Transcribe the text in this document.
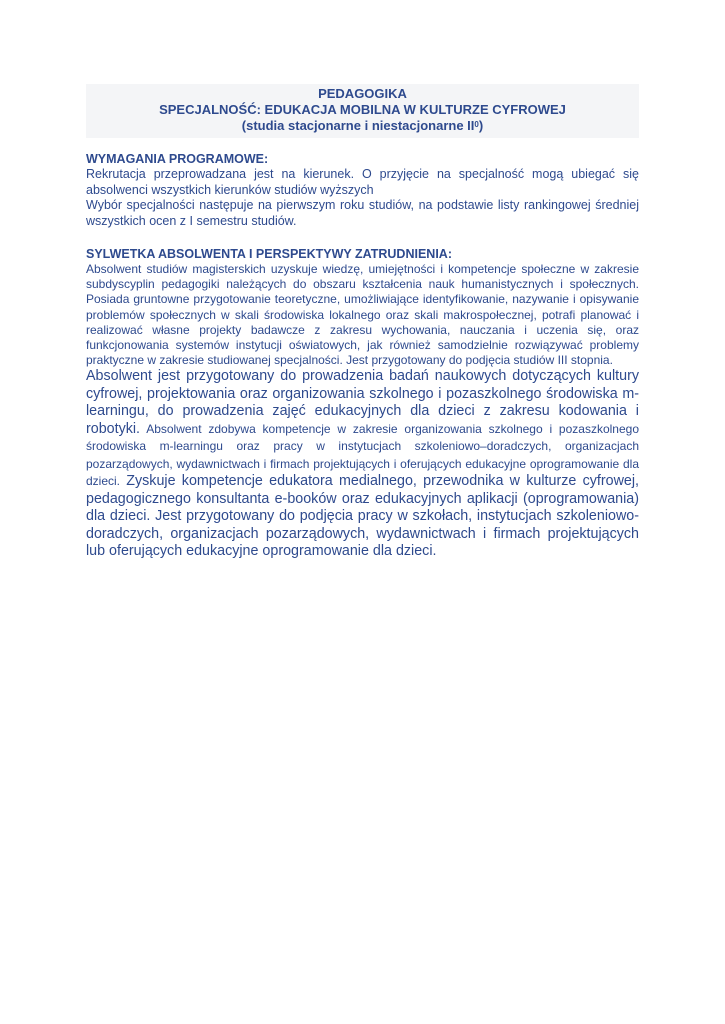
PEDAGOGIKA
SPECJALNOŚĆ: EDUKACJA MOBILNA W KULTURZE CYFROWEJ
(studia stacjonarne i niestacjonarne $II^0$)
WYMAGANIA PROGRAMOWE:
Rekrutacja przeprowadzana jest na kierunek. O przyjęcie na specjalność mogą ubiegać się absolwenci wszystkich kierunków studiów wyższych
Wybór specjalności następuje na pierwszym roku studiów, na podstawie listy rankingowej średniej wszystkich ocen z I semestru studiów.
SYLWETKA ABSOLWENTA I PERSPEKTYWY ZATRUDNIENIA:
Absolwent studiów magisterskich uzyskuje wiedzę, umiejętności i kompetencje społeczne w zakresie subdyscyplin pedagogiki należących do obszaru kształcenia nauk humanistycznych i społecznych. Posiada gruntowne przygotowanie teoretyczne, umożliwiające identyfikowanie, nazywanie i opisywanie problemów społecznych w skali środowiska lokalnego oraz skali makrospołecznej, potrafi planować i realizować własne projekty badawcze z zakresu wychowania, nauczania i uczenia się, oraz funkcjonowania systemów instytucji oświatowych, jak również samodzielnie rozwiązywać problemy praktyczne w zakresie studiowanej specjalności. Jest przygotowany do podjęcia studiów III stopnia.
Absolwent jest przygotowany do prowadzenia badań naukowych dotyczących kultury cyfrowej, projektowania oraz organizowania szkolnego i pozaszkolnego środowiska m-learningu, do prowadzenia zajęć edukacyjnych dla dzieci z zakresu kodowania i robotyki. Absolwent zdobywa kompetencje w zakresie organizowania szkolnego i pozaszkolnego środowiska m-learningu oraz pracy w instytucjach szkoleniowo–doradczych, organizacjach pozarządowych, wydawnictwach i firmach projektujących i oferujących edukacyjne oprogramowanie dla dzieci. Zyskuje kompetencje edukatora medialnego, przewodnika w kulturze cyfrowej, pedagogicznego konsultanta e-booków oraz edukacyjnych aplikacji (oprogramowania) dla dzieci. Jest przygotowany do podjęcia pracy w szkołach, instytucjach szkoleniowo-doradczych, organizacjach pozarządowych, wydawnictwach i firmach projektujących lub oferujących edukacyjne oprogramowanie dla dzieci.
